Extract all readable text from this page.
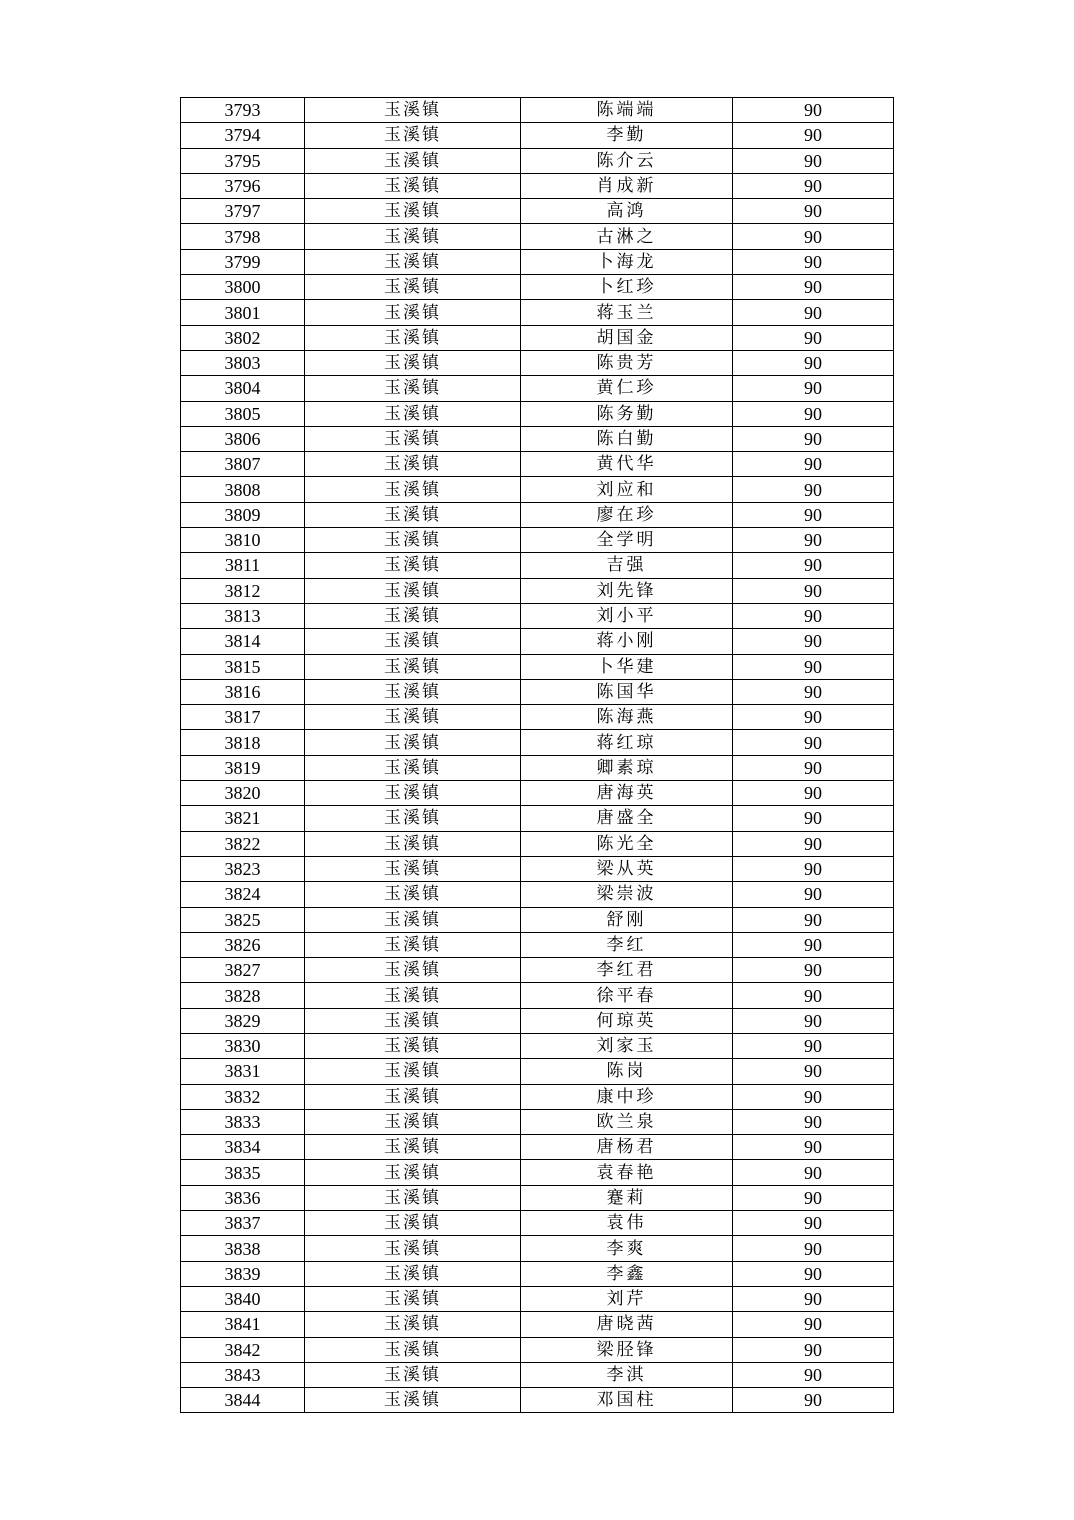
3793	玉溪镇	陈端端	90
3794	玉溪镇	李勤	90
3795	玉溪镇	陈介云	90
3796	玉溪镇	肖成新	90
3797	玉溪镇	高鸿	90
3798	玉溪镇	古淋之	90
3799	玉溪镇	卜海龙	90
3800	玉溪镇	卜红珍	90
3801	玉溪镇	蒋玉兰	90
3802	玉溪镇	胡国金	90
3803	玉溪镇	陈贵芳	90
3804	玉溪镇	黄仁珍	90
3805	玉溪镇	陈务勤	90
3806	玉溪镇	陈白勤	90
3807	玉溪镇	黄代华	90
3808	玉溪镇	刘应和	90
3809	玉溪镇	廖在珍	90
3810	玉溪镇	全学明	90
3811	玉溪镇	吉强	90
3812	玉溪镇	刘先锋	90
3813	玉溪镇	刘小平	90
3814	玉溪镇	蒋小刚	90
3815	玉溪镇	卜华建	90
3816	玉溪镇	陈国华	90
3817	玉溪镇	陈海燕	90
3818	玉溪镇	蒋红琼	90
3819	玉溪镇	卿素琼	90
3820	玉溪镇	唐海英	90
3821	玉溪镇	唐盛全	90
3822	玉溪镇	陈光全	90
3823	玉溪镇	梁从英	90
3824	玉溪镇	梁崇波	90
3825	玉溪镇	舒刚	90
3826	玉溪镇	李红	90
3827	玉溪镇	李红君	90
3828	玉溪镇	徐平春	90
3829	玉溪镇	何琼英	90
3830	玉溪镇	刘家玉	90
3831	玉溪镇	陈岗	90
3832	玉溪镇	康中珍	90
3833	玉溪镇	欧兰泉	90
3834	玉溪镇	唐杨君	90
3835	玉溪镇	袁春艳	90
3836	玉溪镇	蹇莉	90
3837	玉溪镇	袁伟	90
3838	玉溪镇	李爽	90
3839	玉溪镇	李鑫	90
3840	玉溪镇	刘芹	90
3841	玉溪镇	唐晓茜	90
3842	玉溪镇	梁胫锋	90
3843	玉溪镇	李淇	90
3844	玉溪镇	邓国柱	90
